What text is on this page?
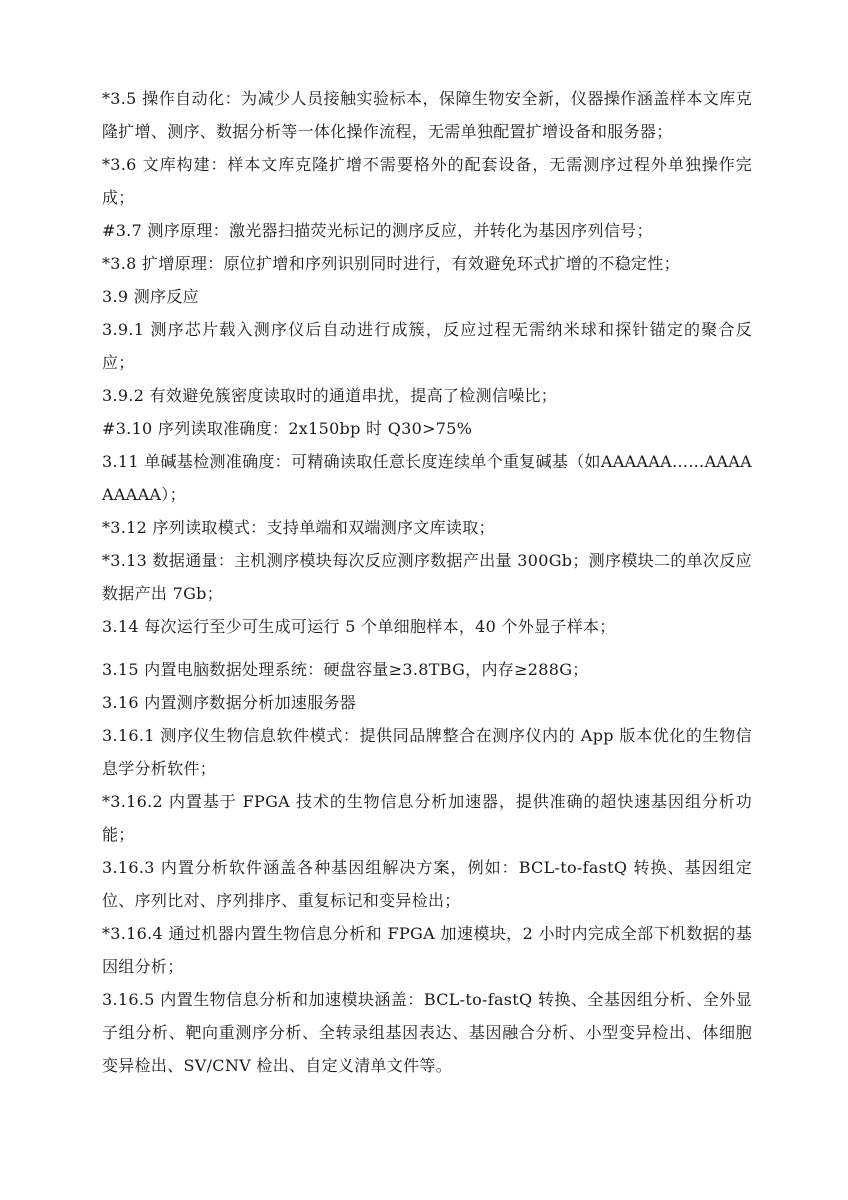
*3.5 操作自动化：为减少人员接触实验标本，保障生物安全新，仪器操作涵盖样本文库克隆扩增、测序、数据分析等一体化操作流程，无需单独配置扩增设备和服务器；

*3.6 文库构建：样本文库克隆扩增不需要格外的配套设备，无需测序过程外单独操作完成；

#3.7 测序原理：激光器扫描荧光标记的测序反应，并转化为基因序列信号；

*3.8 扩增原理：原位扩增和序列识别同时进行，有效避免环式扩增的不稳定性；

3.9 测序反应

3.9.1 测序芯片载入测序仪后自动进行成簇，反应过程无需纳米球和探针锚定的聚合反应；

3.9.2 有效避免簇密度读取时的通道串扰，提高了检测信噪比；

#3.10 序列读取准确度：2x150bp 时 Q30>75%

3.11 单碱基检测准确度：可精确读取任意长度连续单个重复碱基（如AAAAAA……AAAAAAAAA）；

*3.12 序列读取模式：支持单端和双端测序文库读取；

*3.13 数据通量：主机测序模块每次反应测序数据产出量 300Gb；测序模块二的单次反应数据产出 7Gb；

3.14 每次运行至少可生成可运行 5 个单细胞样本，40 个外显子样本；

3.15 内置电脑数据处理系统：硬盘容量≥3.8TBG，内存≥288G；

3.16 内置测序数据分析加速服务器

3.16.1 测序仪生物信息软件模式：提供同品牌整合在测序仪内的 App 版本优化的生物信息学分析软件；

*3.16.2 内置基于 FPGA 技术的生物信息分析加速器，提供准确的超快速基因组分析功能；

3.16.3 内置分析软件涵盖各种基因组解决方案，例如：BCL-to-fastQ 转换、基因组定位、序列比对、序列排序、重复标记和变异检出；

*3.16.4 通过机器内置生物信息分析和 FPGA 加速模块，2 小时内完成全部下机数据的基因组分析；

3.16.5 内置生物信息分析和加速模块涵盖：BCL-to-fastQ 转换、全基因组分析、全外显子组分析、靶向重测序分析、全转录组基因表达、基因融合分析、小型变异检出、体细胞变异检出、SV/CNV 检出、自定义清单文件等。
